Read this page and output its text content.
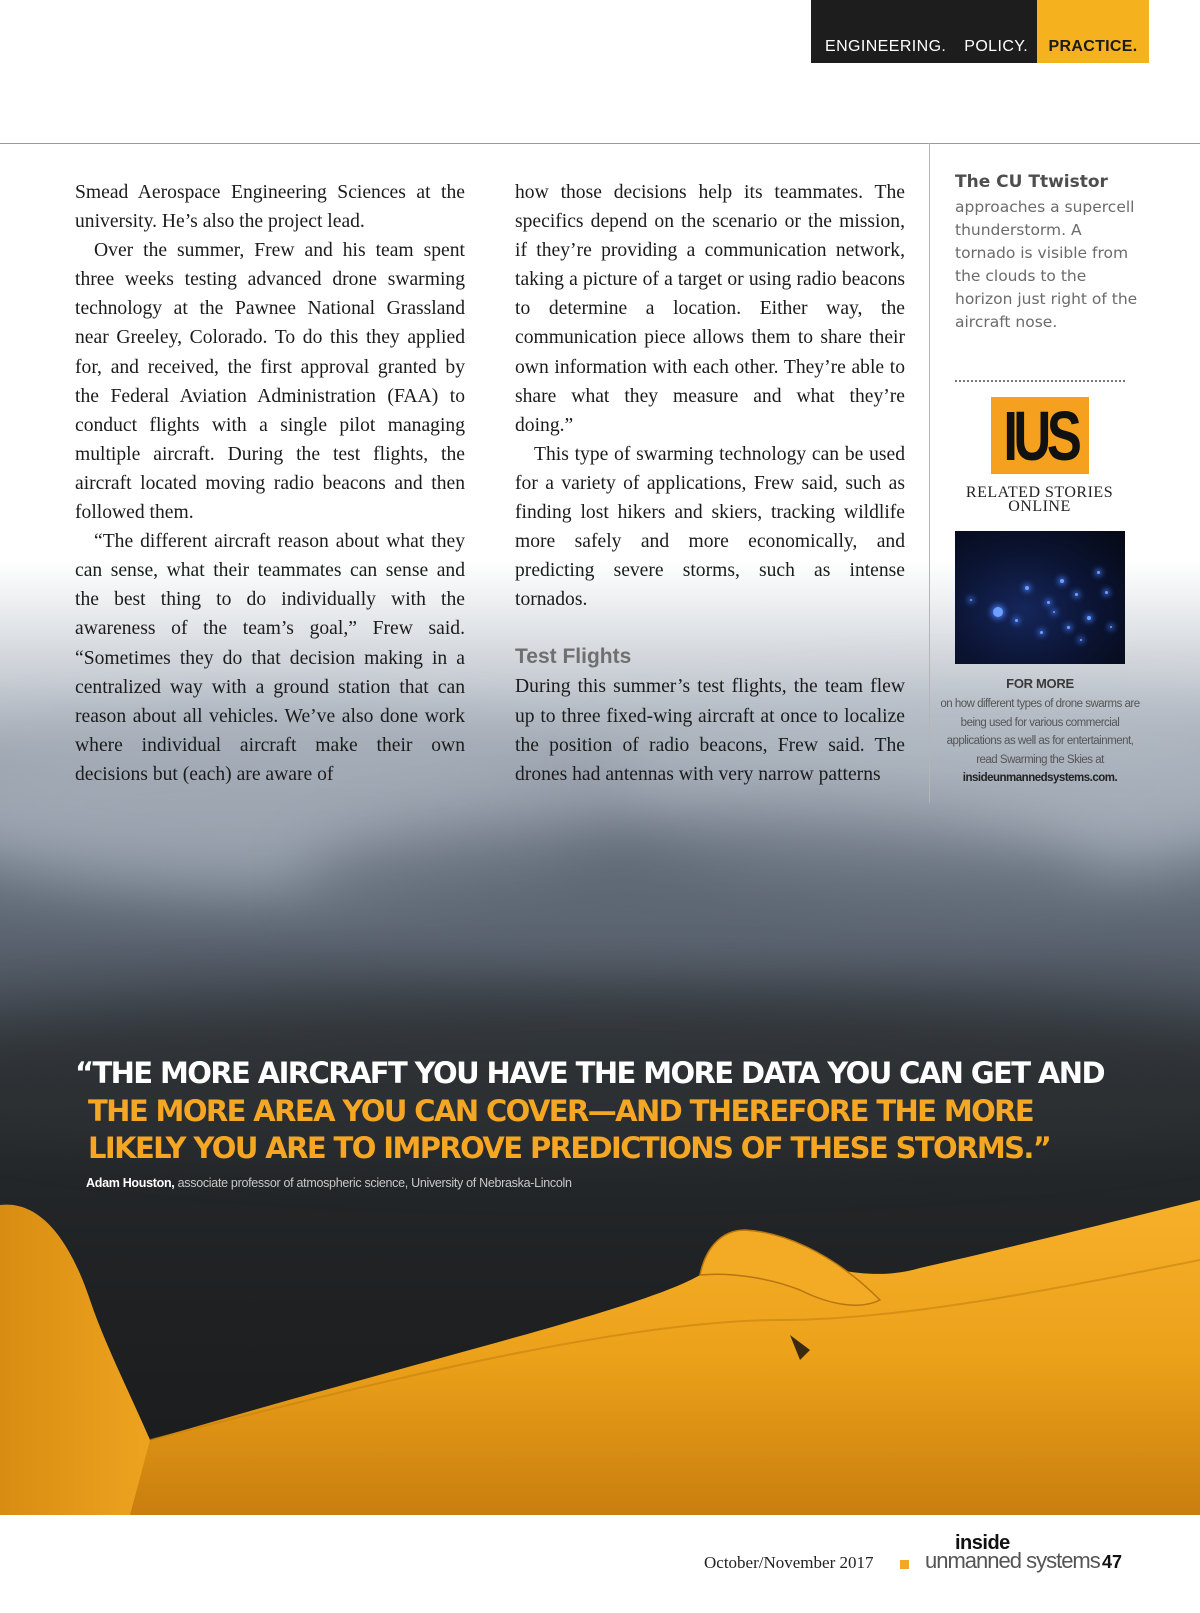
ENGINEERING. POLICY. PRACTICE.

Smead Aerospace Engineering Sciences at the university. He’s also the project lead.

Over the summer, Frew and his team spent three weeks testing advanced drone swarming technology at the Pawnee National Grassland near Greeley, Colorado. To do this they applied for, and received, the first approval granted by the Federal Aviation Administration (FAA) to conduct flights with a single pilot managing multiple aircraft. During the test flights, the aircraft located moving radio beacons and then followed them.

“The different aircraft reason about what they can sense, what their teammates can sense and the best thing to do individually with the awareness of the team’s goal,” Frew said. “Sometimes they do that decision making in a centralized way with a ground station that can reason about all vehicles. We’ve also done work where individual aircraft make their own decisions but (each) are aware of

how those decisions help its teammates. The specifics depend on the scenario or the mission, if they’re providing a communication network, taking a picture of a target or using radio beacons to determine a location. Either way, the communication piece allows them to share their own information with each other. They’re able to share what they measure and what they’re doing.”

This type of swarming technology can be used for a variety of applications, Frew said, such as finding lost hikers and skiers, tracking wildlife more safely and more economically, and predicting severe storms, such as intense tornados.

Test Flights

During this summer’s test flights, the team flew up to three fixed-wing aircraft at once to localize the position of radio beacons, Frew said. The drones had antennas with very narrow patterns

The CU Ttwistor
approaches a supercell thunderstorm. A tornado is visible from the clouds to the horizon just right of the aircraft nose.
IUS
RELATED STORIES
ONLINE
FOR MORE
on how different types of drone swarms are being used for various commercial applications as well as for entertainment, read Swarming the Skies at insideunmannedsystems.com.
“THE MORE AIRCRAFT YOU HAVE THE MORE DATA YOU CAN GET AND
THE MORE AREA YOU CAN COVER—AND THEREFORE THE MORE
LIKELY YOU ARE TO IMPROVE PREDICTIONS OF THESE STORMS.”
Adam Houston, associate professor of atmospheric science, University of Nebraska-Lincoln
October/November 2017
inside
unmanned systems 47
